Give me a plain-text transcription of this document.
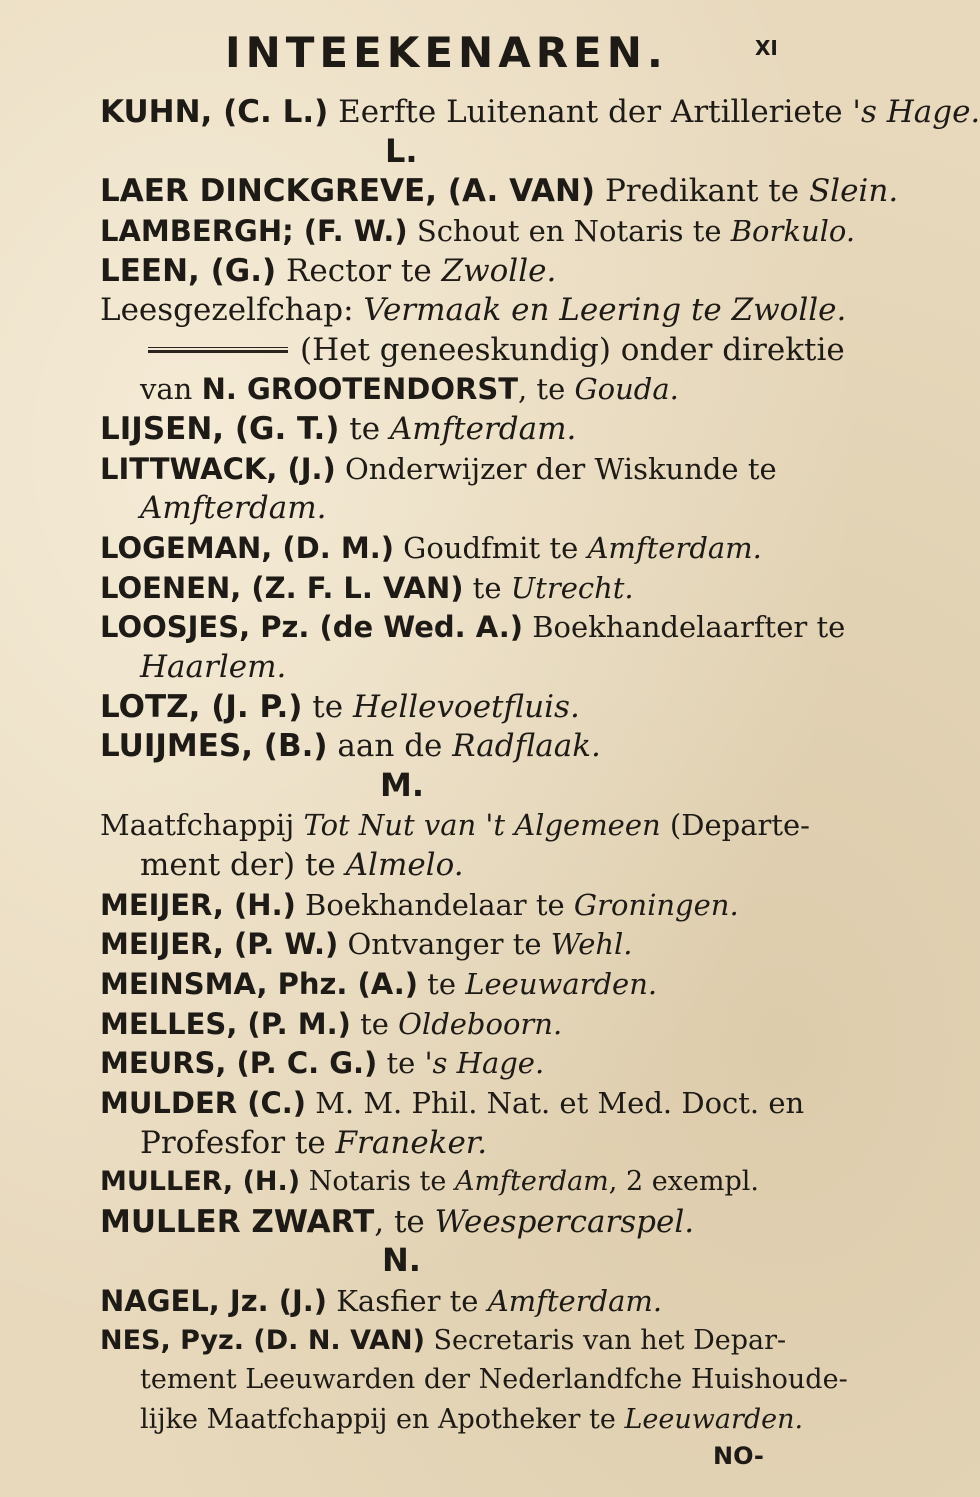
INTEEKENAREN.	XI
KUHN, (C. L.) Eerfte Luitenant der Artilleriete 's Hage.
L.
LAER DINCKGREVE, (A. VAN) Predikant te Slein.
LAMBERGH; (F. W.) Schout en Notaris te Borkulo.
LEEN, (G.) Rector te Zwolle.
Leesgezelfchap: Vermaak en Leering te Zwolle.
(Het geneeskundig) onder direktie
van N. GROOTENDORST, te Gouda.
LIJSEN, (G. T.) te Amfterdam.
LITTWACK, (J.) Onderwijzer der Wiskunde te
Amfterdam.
LOGEMAN, (D. M.) Goudfmit te Amfterdam.
LOENEN, (Z. F. L. VAN) te Utrecht.
LOOSJES, Pz. (de Wed. A.) Boekhandelaarfter te
Haarlem.
LOTZ, (J. P.) te Hellevoetfluis.
LUIJMES, (B.) aan de Radflaak.
M.
Maatfchappij Tot Nut van 't Algemeen (Departe-
ment der) te Almelo.
MEIJER, (H.) Boekhandelaar te Groningen.
MEIJER, (P. W.) Ontvanger te Wehl.
MEINSMA, Phz. (A.) te Leeuwarden.
MELLES, (P. M.) te Oldeboorn.
MEURS, (P. C. G.) te 's Hage.
MULDER (C.) M. M. Phil. Nat. et Med. Doct. en
Profesfor te Franeker.
MULLER, (H.) Notaris te Amfterdam, 2 exempl.
MULLER ZWART, te Weespercarspel.
N.
NAGEL, Jz. (J.) Kasfier te Amfterdam.
NES, Pyz. (D. N. VAN) Secretaris van het Depar-
tement Leeuwarden der Nederlandfche Huishoude-
lijke Maatfchappij en Apotheker te Leeuwarden.
NO-
